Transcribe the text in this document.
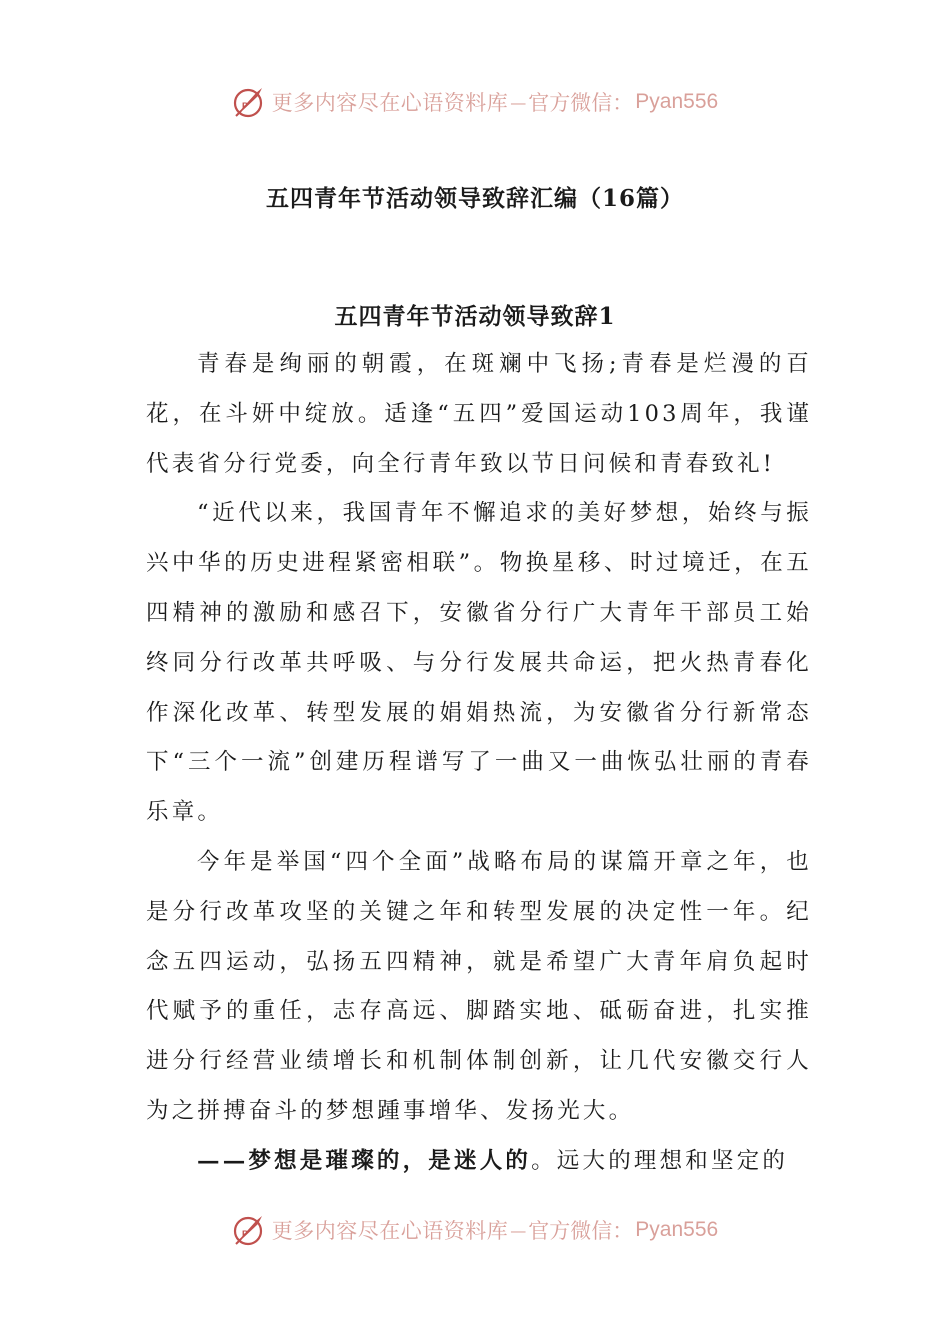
P 更多内容尽在心语资料库 — 官方微信： Pyan556
五四青年节活动领导致辞汇编（16篇）
五四青年节活动领导致辞1

青春是绚丽的朝霞，在斑斓中飞扬;青春是烂漫的百花，在斗妍中绽放。适逢“五四”爱国运动103周年，我谨代表省分行党委，向全行青年致以节日问候和青春致礼!

“近代以来，我国青年不懈追求的美好梦想，始终与振兴中华的历史进程紧密相联”。物换星移、时过境迁，在五四精神的激励和感召下，安徽省分行广大青年干部员工始终同分行改革共呼吸、与分行发展共命运，把火热青春化作深化改革、转型发展的娟娟热流，为安徽省分行新常态下“三个一流”创建历程谱写了一曲又一曲恢弘壮丽的青春乐章。

今年是举国“四个全面”战略布局的谋篇开章之年，也是分行改革攻坚的关键之年和转型发展的决定性一年。纪念五四运动，弘扬五四精神，就是希望广大青年肩负起时代赋予的重任，志存高远、脚踏实地、砥砺奋进，扎实推进分行经营业绩增长和机制体制创新，让几代安徽交行人为之拼搏奋斗的梦想踵事增华、发扬光大。

——梦想是璀璨的，是迷人的。远大的理想和坚定的

P 更多内容尽在心语资料库 — 官方微信： Pyan556
